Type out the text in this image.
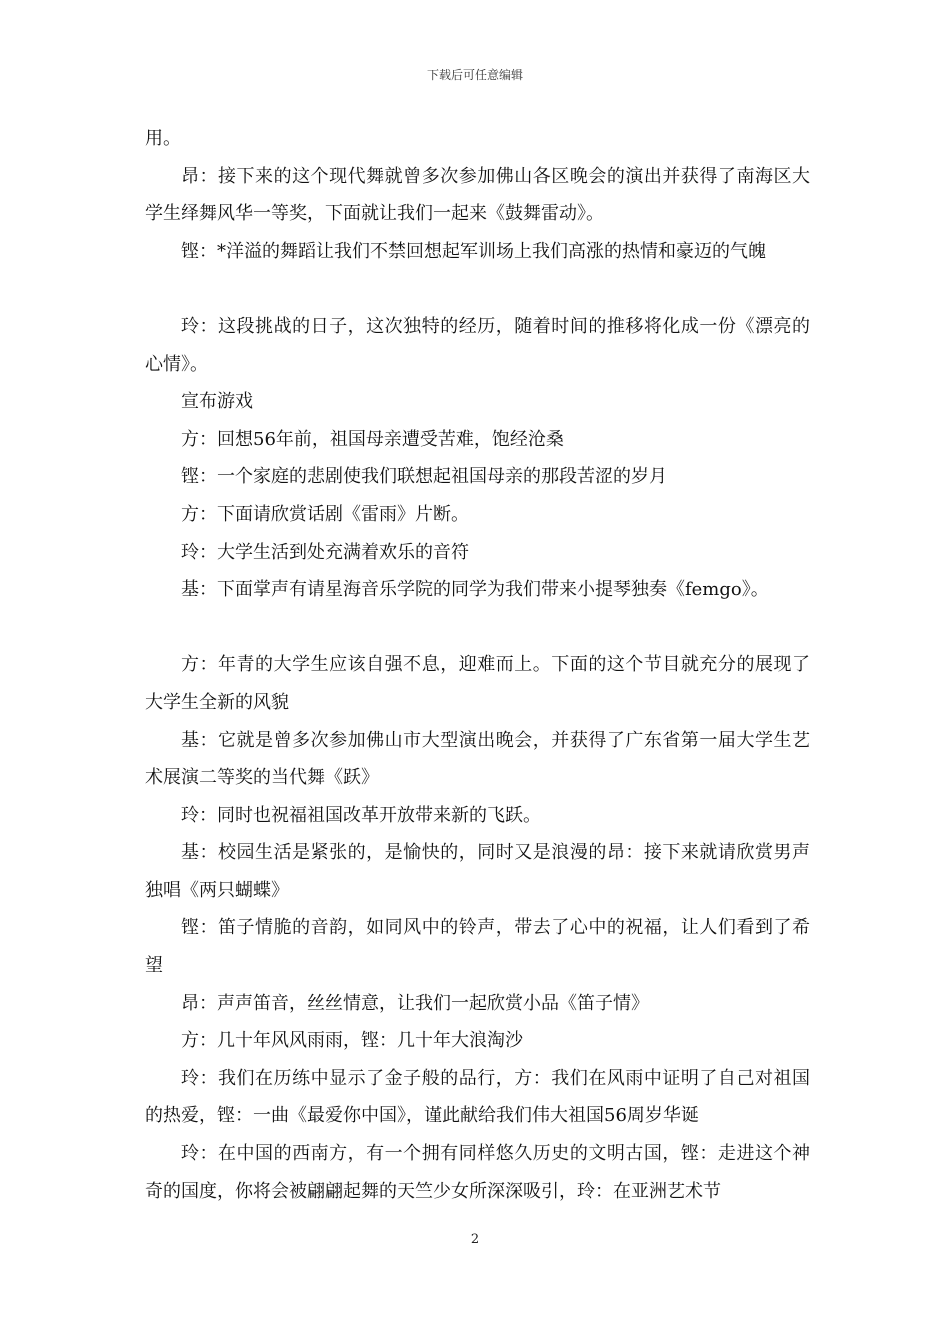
下载后可任意编辑

用。

昂：接下来的这个现代舞就曾多次参加佛山各区晚会的演出并获得了南海区大学生绎舞风华一等奖，下面就让我们一起来《鼓舞雷动》。

铿：*洋溢的舞蹈让我们不禁回想起军训场上我们高涨的热情和豪迈的气魄

玲：这段挑战的日子，这次独特的经历，随着时间的推移将化成一份《漂亮的心情》。

宣布游戏

方：回想56年前，祖国母亲遭受苦难，饱经沧桑

铿：一个家庭的悲剧使我们联想起祖国母亲的那段苦涩的岁月

方：下面请欣赏话剧《雷雨》片断。

玲：大学生活到处充满着欢乐的音符

基：下面掌声有请星海音乐学院的同学为我们带来小提琴独奏《femgo》。

方：年青的大学生应该自强不息，迎难而上。下面的这个节目就充分的展现了大学生全新的风貌

基：它就是曾多次参加佛山市大型演出晚会，并获得了广东省第一届大学生艺术展演二等奖的当代舞《跃》

玲：同时也祝福祖国改革开放带来新的飞跃。

基：校园生活是紧张的，是愉快的，同时又是浪漫的昂：接下来就请欣赏男声独唱《两只蝴蝶》

铿：笛子情脆的音韵，如同风中的铃声，带去了心中的祝福，让人们看到了希望

昂：声声笛音，丝丝情意，让我们一起欣赏小品《笛子情》

方：几十年风风雨雨，铿：几十年大浪淘沙

玲：我们在历练中显示了金子般的品行，方：我们在风雨中证明了自己对祖国的热爱，铿：一曲《最爱你中国》，谨此献给我们伟大祖国56周岁华诞

玲：在中国的西南方，有一个拥有同样悠久历史的文明古国，铿：走进这个神奇的国度，你将会被翩翩起舞的天竺少女所深深吸引，玲：在亚洲艺术节

2
